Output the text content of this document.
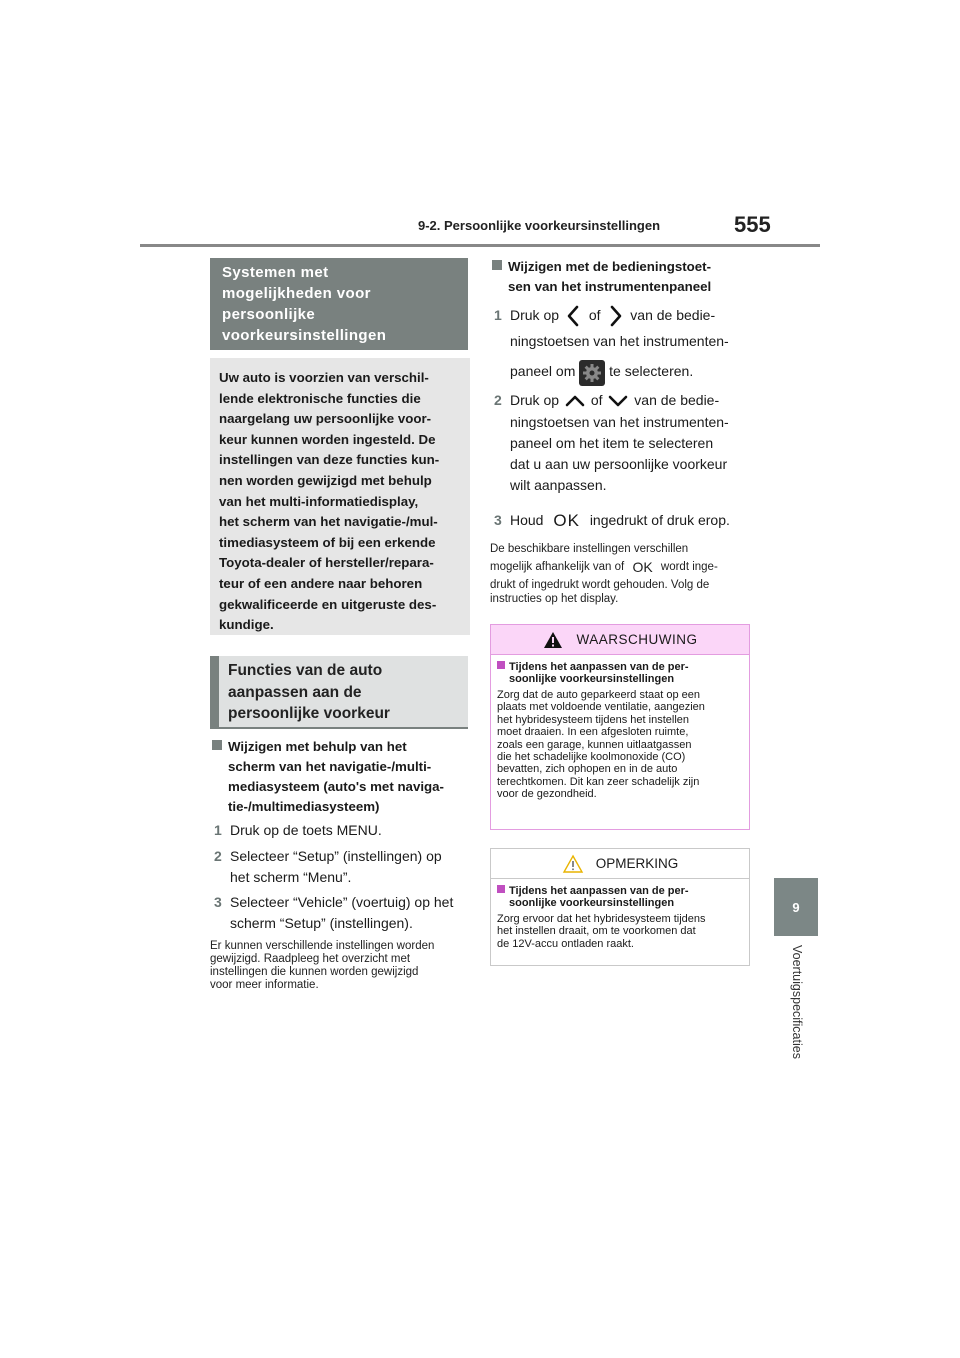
9-2. Persoonlijke voorkeursinstellingen	555
9
Voertuigspecificaties
Systemen met
mogelijkheden voor
persoonlijke
voorkeursinstellingen
Uw auto is voorzien van verschil-
lende elektronische functies die
naargelang uw persoonlijke voor-
keur kunnen worden ingesteld. De
instellingen van deze functies kun-
nen worden gewijzigd met behulp
van het multi-informatiedisplay,
het scherm van het navigatie-/mul-
timediasysteem of bij een erkende
Toyota-dealer of hersteller/repara-
teur of een andere naar behoren
gekwalificeerde en uitgeruste des-
kundige.
Functies van de auto
aanpassen aan de
persoonlijke voorkeur
Wijzigen met behulp van het
scherm van het navigatie-/multi-
mediasysteem (auto's met naviga-
tie-/multimediasysteem)
1 Druk op de toets MENU.
2 Selecteer “Setup” (instellingen) op
het scherm “Menu”.
3 Selecteer “Vehicle” (voertuig) op het
scherm “Setup” (instellingen).
Er kunnen verschillende instellingen worden
gewijzigd. Raadpleeg het overzicht met
instellingen die kunnen worden gewijzigd
voor meer informatie.
Wijzigen met de bedieningstoet-
sen van het instrumentenpaneel
1 Druk op of van de bedie-
ningstoetsen van het instrumenten-
paneel om te selecteren.
2 Druk op of van de bedie-
ningstoetsen van het instrumenten-
paneel om het item te selecteren
dat u aan uw persoonlijke voorkeur
wilt aanpassen.
3 Houd OK ingedrukt of druk erop.
De beschikbare instellingen verschillen
mogelijk afhankelijk van of OK wordt inge-
drukt of ingedrukt wordt gehouden. Volg de
instructies op het display.
WAARSCHUWING
Tijdens het aanpassen van de per-
soonlijke voorkeursinstellingen
Zorg dat de auto geparkeerd staat op een
plaats met voldoende ventilatie, aangezien
het hybridesysteem tijdens het instellen
moet draaien. In een afgesloten ruimte,
zoals een garage, kunnen uitlaatgassen
die het schadelijke koolmonoxide (CO)
bevatten, zich ophopen en in de auto
terechtkomen. Dit kan zeer schadelijk zijn
voor de gezondheid.
OPMERKING
Tijdens het aanpassen van de per-
soonlijke voorkeursinstellingen
Zorg ervoor dat het hybridesysteem tijdens
het instellen draait, om te voorkomen dat
de 12V-accu ontladen raakt.
